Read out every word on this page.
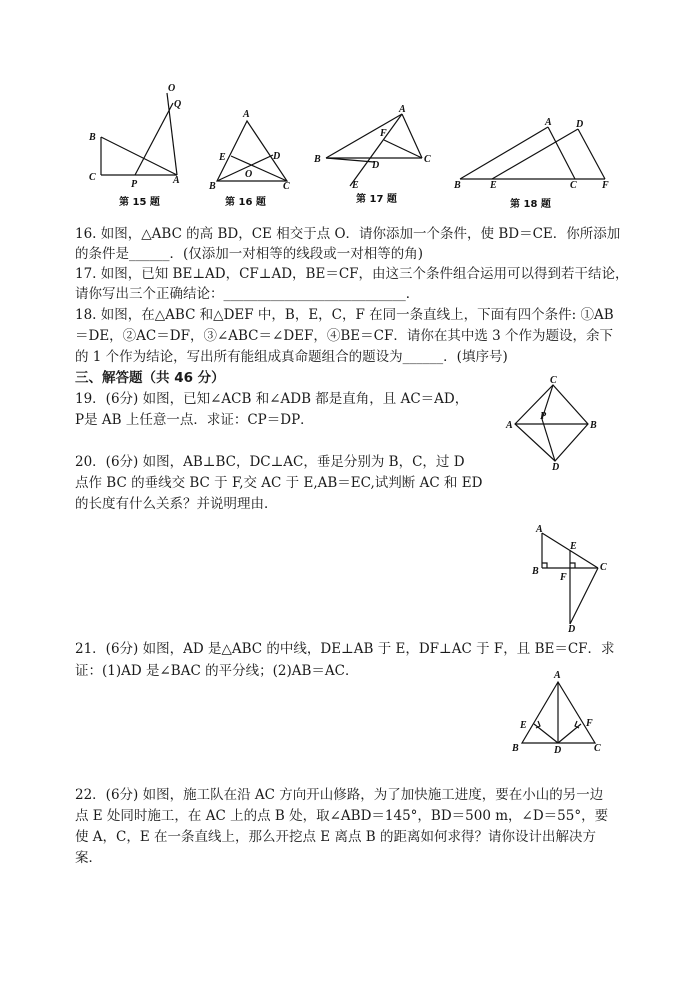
O
Q
B
C
P	A
第 15 题
A
E	D
O
B	C
第 16 题
A
F
B	C
D
E
第 17 题
A D
B	E	C	F
第 18 题
16. 如图，△ABC 的高 BD，CE 相交于点 O．请你添加一个条件，使 BD＝CE．你所添加
的条件是______．(仅添加一对相等的线段或一对相等的角)
17. 如图，已知 BE⊥AD，CF⊥AD，BE＝CF，由这三个条件组合运用可以得到若干结论，
请你写出三个正确结论：___________________________．
18. 如图，在△ABC 和△DEF 中，B，E，C，F 在同一条直线上，下面有四个条件: ①AB
＝DE，②AC＝DF，③∠ABC＝∠DEF，④BE＝CF．请你在其中选 3 个作为题设，余下
的 1 个作为结论，写出所有能组成真命题组合的题设为______．(填序号)
三、解答题（共 46 分）
19．(6分) 如图，已知∠ACB 和∠ADB 都是直角，且 AC＝AD，
P是 AB 上任意一点．求证：CP＝DP．
C
A
P
B
D
20．(6分) 如图，AB⊥BC，DC⊥AC，垂足分别为 B，C，过 D
点作 BC 的垂线交 BC 于 F,交 AC 于 E,AB＝EC,试判断 AC 和 ED
的长度有什么关系？并说明理由．
A
E
B
F
C
D
21．(6分) 如图，AD 是△ABC 的中线，DE⊥AB 于 E，DF⊥AC 于 F，且 BE＝CF．求
证：(1)AD 是∠BAC 的平分线；(2)AB＝AC．	A
E	F
B	D	C
22．(6分) 如图，施工队在沿 AC 方向开山修路，为了加快施工进度，要在小山的另一边
点 E 处同时施工，在 AC 上的点 B 处，取∠ABD＝145°，BD＝500 m，∠D＝55°，要
使 A，C，E 在一条直线上，那么开挖点 E 离点 B 的距离如何求得？请你设计出解决方
案．
